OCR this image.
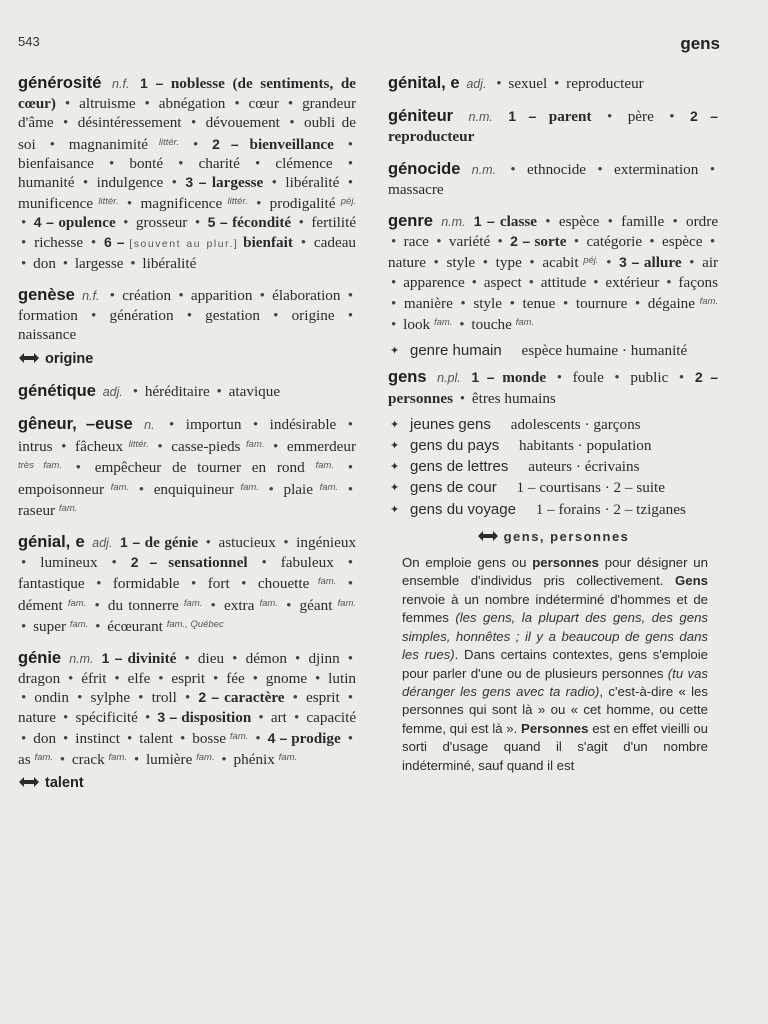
543	gens
générosité n.f. 1 – noblesse (de sentiments, de cœur) • altruisme • abnégation • cœur • grandeur d'âme • désintéressement • dévouement • oubli de soi • magnanimité $^{littér.}$ • 2 – bienveillance • bienfaisance • bonté • charité • clémence • humanité • indulgence • 3 – largesse • libéralité • munificence $^{littér.}$ • magnificence $^{littér.}$ • prodigalité $^{péj.}$ • 4 – opulence • grosseur • 5 – fécondité • fertilité • richesse • 6 – [souvent au plur.] bienfait • cadeau • don • largesse • libéralité
genèse n.f. • création • apparition • élaboration • formation • génération • gestation • origine • naissance
origine
génétique adj. • héréditaire • atavique
gêneur, –euse n. • importun • indésirable • intrus • fâcheux $^{littér.}$ • casse-pieds $^{fam.}$ • emmerdeur $^{très fam.}$ • empêcheur de tourner en rond $^{fam.}$ • empoisonneur $^{fam.}$ • enquiquineur $^{fam.}$ • plaie $^{fam.}$ • raseur $^{fam.}$
génial, e adj. 1 – de génie • astucieux • ingénieux • lumineux • 2 – sensationnel • fabuleux • fantastique • formidable • fort • chouette $^{fam.}$ • dément $^{fam.}$ • du tonnerre $^{fam.}$ • extra $^{fam.}$ • géant $^{fam.}$ • super $^{fam.}$ • écœurant $^{fam., Québec}$
génie n.m. 1 – divinité • dieu • démon • djinn • dragon • éfrit • elfe • esprit • fée • gnome • lutin • ondin • sylphe • troll • 2 – caractère • esprit • nature • spécificité • 3 – disposition • art • capacité • don • instinct • talent • bosse $^{fam.}$ • 4 – prodige • as $^{fam.}$ • crack $^{fam.}$ • lumière $^{fam.}$ • phénix $^{fam.}$
talent
génital, e adj. • sexuel • reproducteur
géniteur n.m. 1 – parent • père • 2 – reproducteur
génocide n.m. • ethnocide • extermination • massacre
genre n.m. 1 – classe • espèce • famille • ordre • race • variété • 2 – sorte • catégorie • espèce • nature • style • type • acabit $^{péj.}$ • 3 – allure • air • apparence • aspect • attitude • extérieur • façons • manière • style • tenue • tournure • dégaine $^{fam.}$ • look $^{fam.}$ • touche $^{fam.}$
✦ genre humain espèce humaine · humanité
gens n.pl. 1 – monde • foule • public • 2 – personnes • êtres humains
✦ jeunes gens adolescents · garçons
✦ gens du pays habitants · population
✦ gens de lettres auteurs · écrivains
✦ gens de cour 1 – courtisans · 2 – suite
✦ gens du voyage 1 – forains · 2 – tziganes
gens, personnes
On emploie gens ou personnes pour désigner un ensemble d'individus pris collectivement. Gens renvoie à un nombre indéterminé d'hommes et de femmes (les gens, la plupart des gens, des gens simples, honnêtes ; il y a beaucoup de gens dans les rues). Dans certains contextes, gens s'emploie pour parler d'une ou de plusieurs personnes (tu vas déranger les gens avec ta radio), c'est-à-dire « les personnes qui sont là » ou « cet homme, ou cette femme, qui est là ». Personnes est en effet vieilli ou sorti d'usage quand il s'agit d'un nombre indéterminé, sauf quand il est
